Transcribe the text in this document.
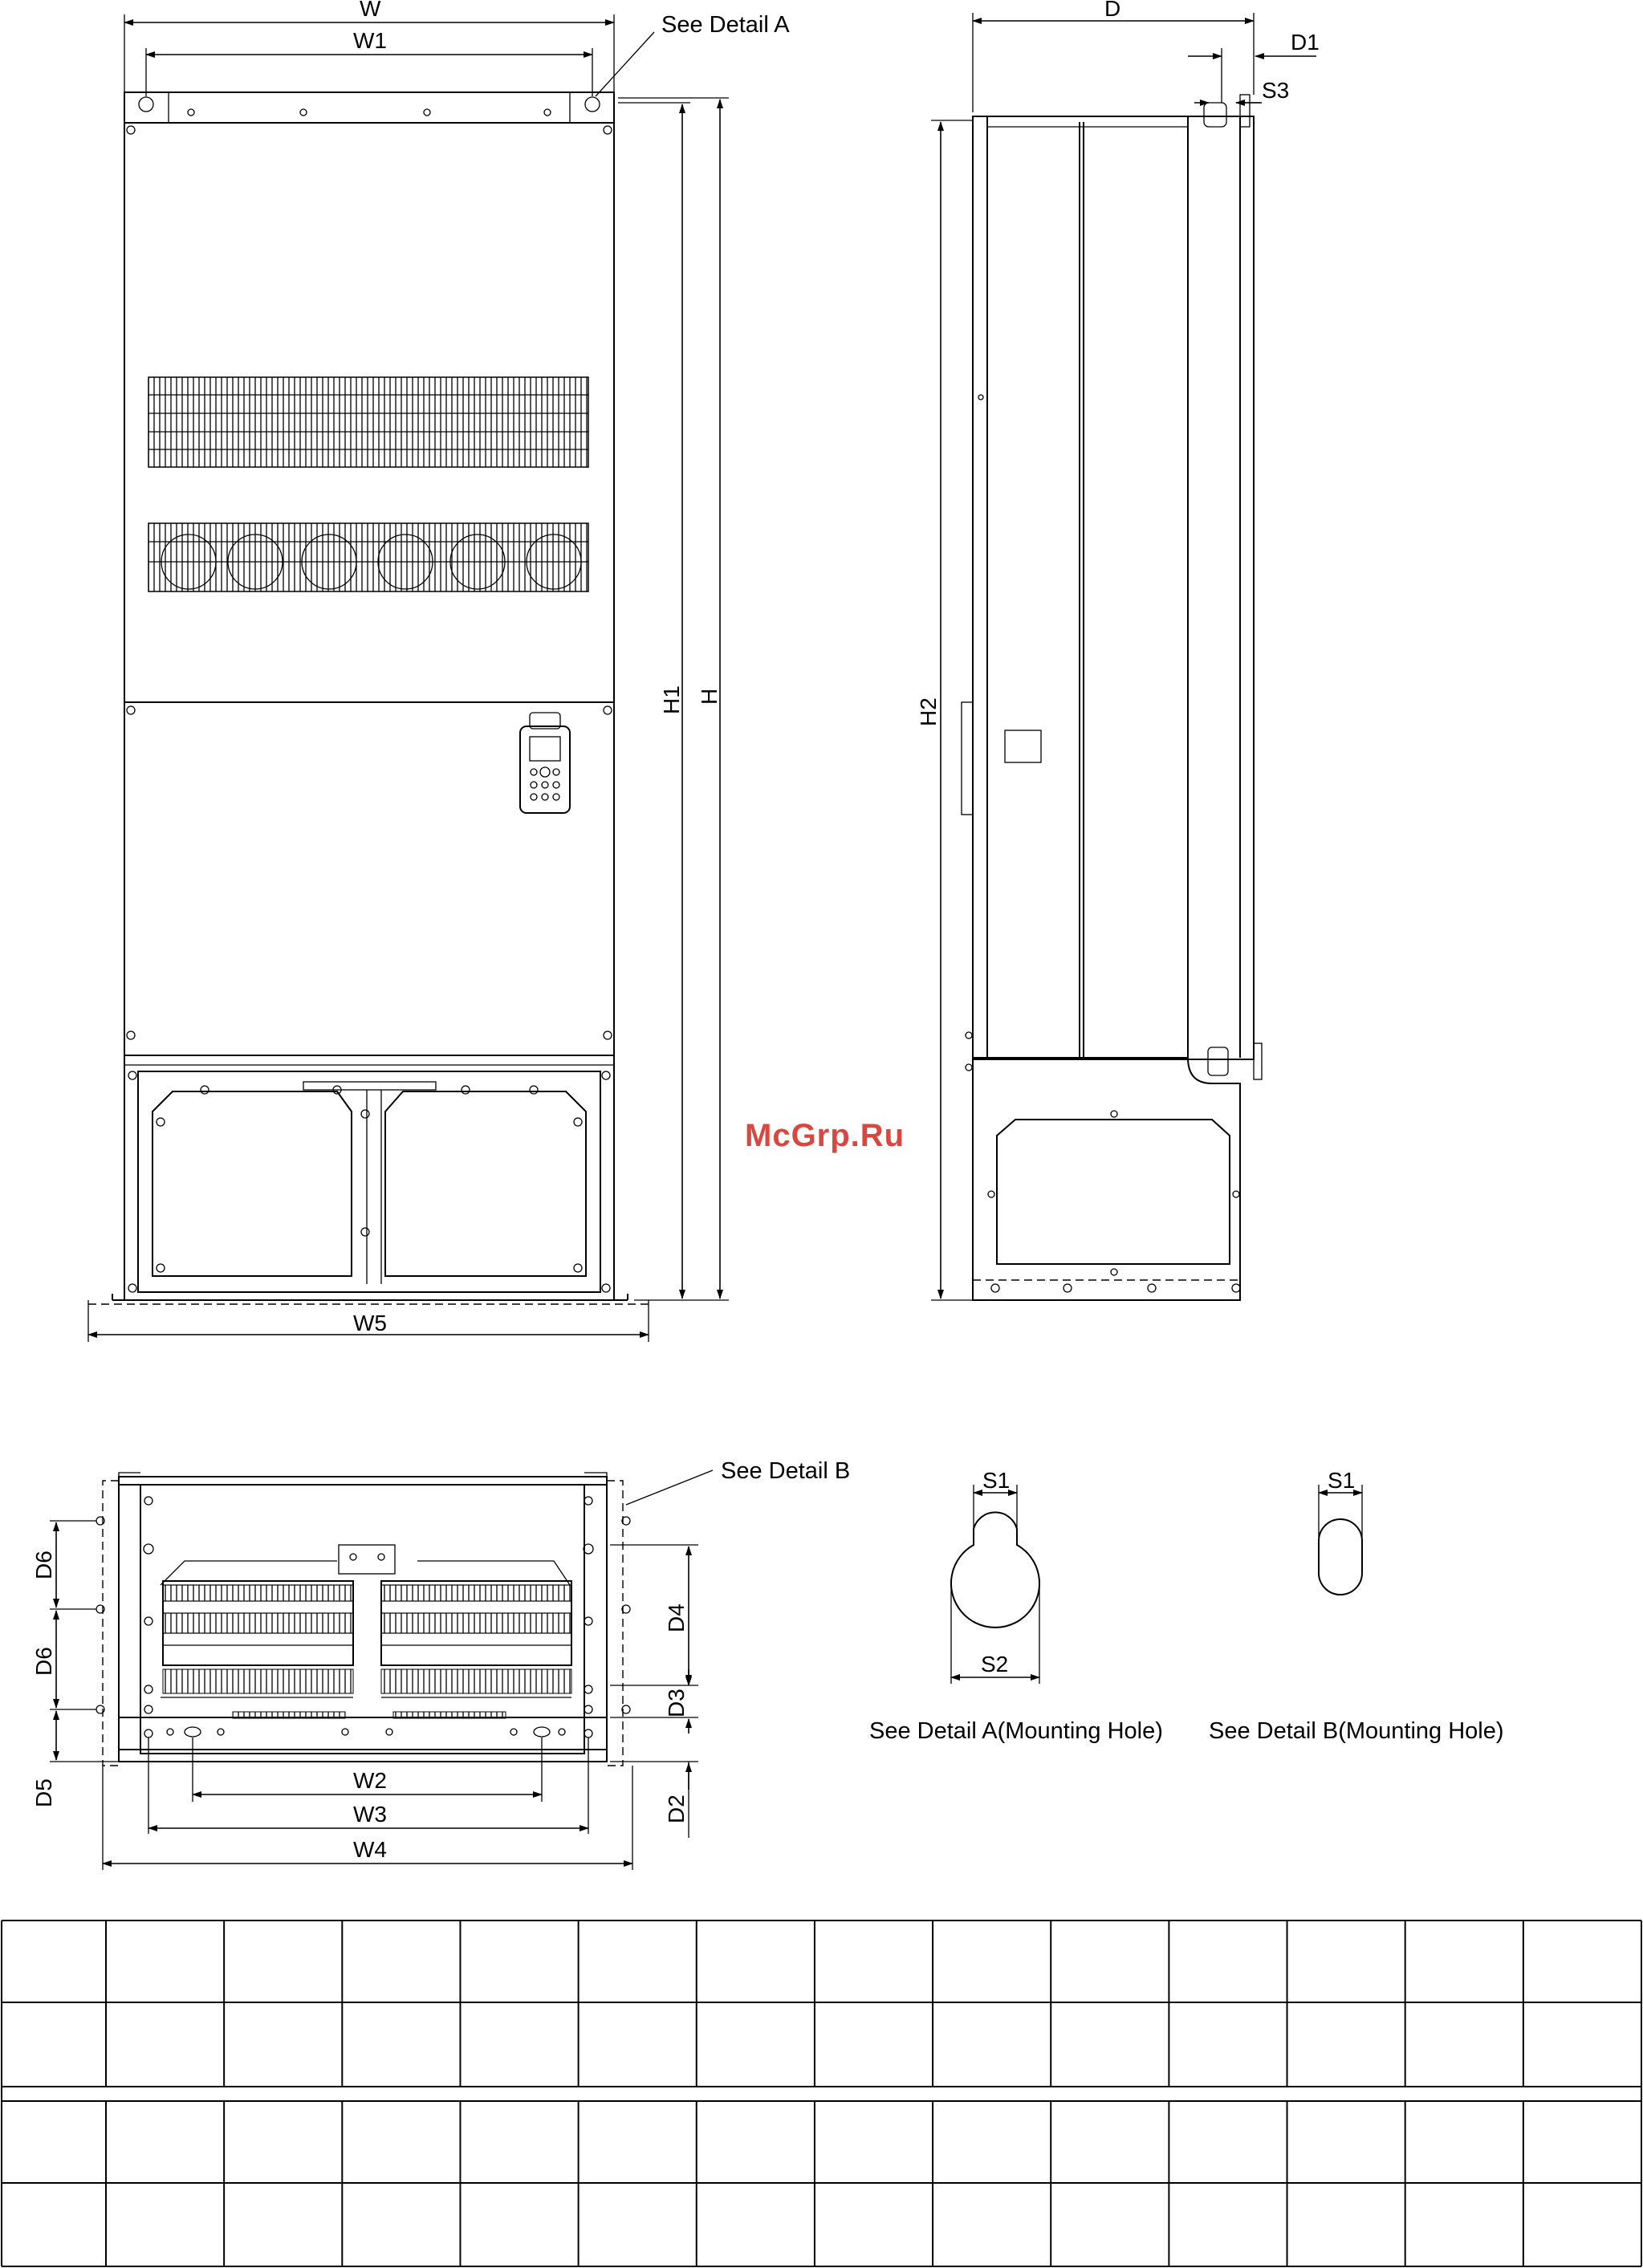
W
W1
See Detail A
W5
H1 H
D
D1
S3
H2
McGrp.Ru
W2
W3
W4
D6
D6
D5
D4
D3
D2
See Detail B	S1
S2
See Detail A(Mounting Hole)
S1
See Detail B(Mounting Hole)
